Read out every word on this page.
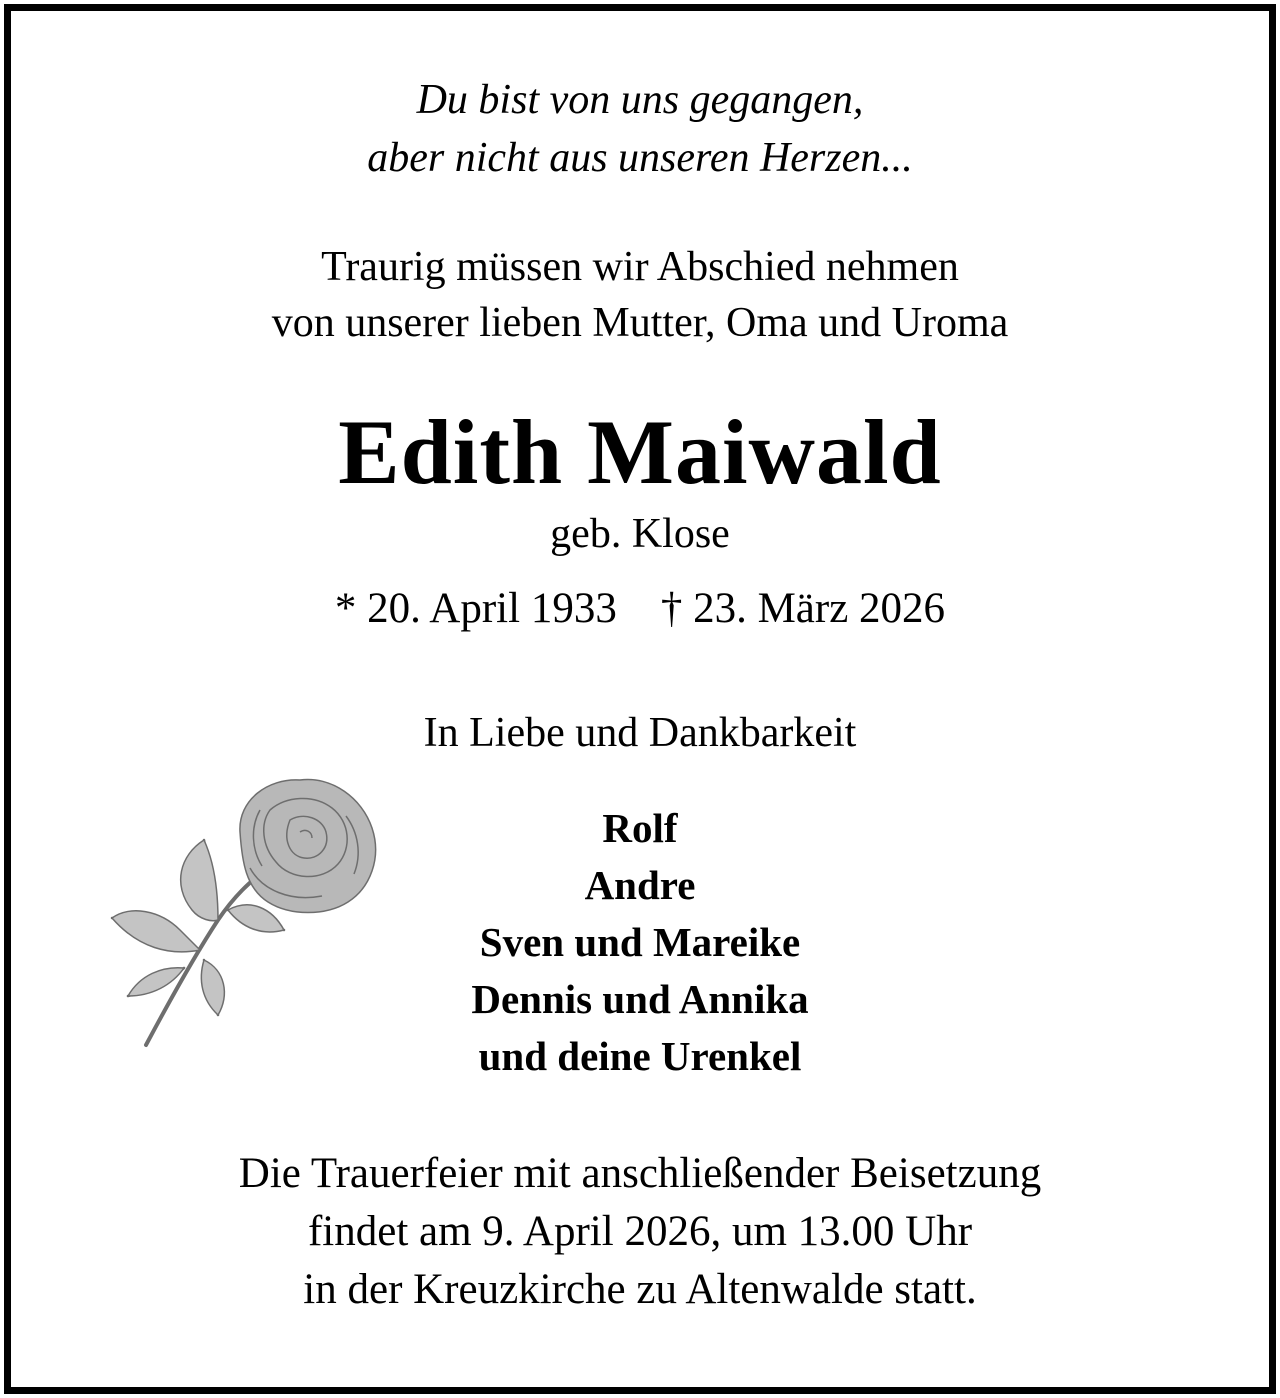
Du bist von uns gegangen,
aber nicht aus unseren Herzen...
Traurig müssen wir Abschied nehmen
von unserer lieben Mutter, Oma und Uroma
Edith Maiwald
geb. Klose
* 20. April 1933 † 23. März 2026
In Liebe und Dankbarkeit
Rolf
Andre
Sven und Mareike
Dennis und Annika
und deine Urenkel
Die Trauerfeier mit anschließender Beisetzung
findet am 9. April 2026, um 13.00 Uhr
in der Kreuzkirche zu Altenwalde statt.
